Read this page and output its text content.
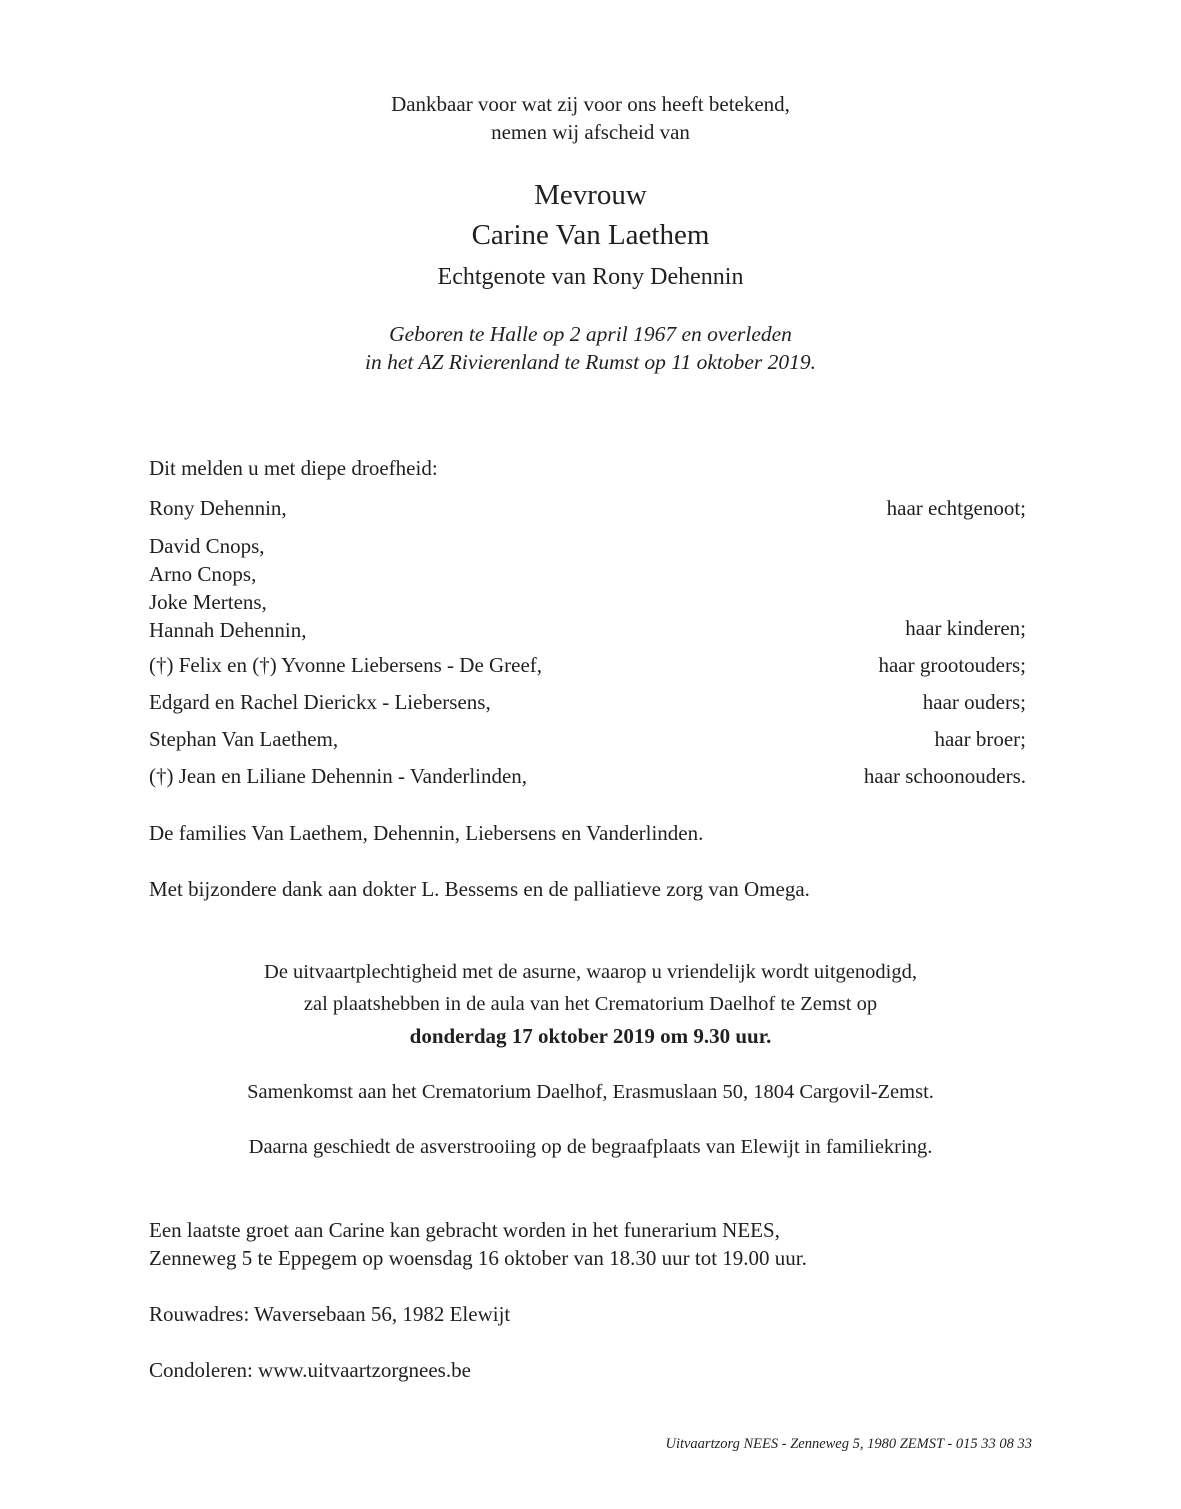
Dankbaar voor wat zij voor ons heeft betekend,
nemen wij afscheid van
Mevrouw
Carine Van Laethem
Echtgenote van Rony Dehennin
Geboren te Halle op 2 april 1967 en overleden
in het AZ Rivierenland te Rumst op 11 oktober 2019.
Dit melden u met diepe droefheid:
Rony Dehennin,	haar echtgenoot;
David Cnops,
Arno Cnops,
Joke Mertens,
Hannah Dehennin,	haar kinderen;
(†) Felix en (†) Yvonne Liebersens - De Greef,	haar grootouders;
Edgard en Rachel Dierickx - Liebersens,	haar ouders;
Stephan Van Laethem,	haar broer;
(†) Jean en Liliane Dehennin - Vanderlinden,	haar schoonouders.
De families Van Laethem, Dehennin, Liebersens en Vanderlinden.
Met bijzondere dank aan dokter L. Bessems en de palliatieve zorg van Omega.
De uitvaartplechtigheid met de asurne, waarop u vriendelijk wordt uitgenodigd,
zal plaatshebben in de aula van het Crematorium Daelhof te Zemst op
donderdag 17 oktober 2019 om 9.30 uur.
Samenkomst aan het Crematorium Daelhof, Erasmuslaan 50, 1804 Cargovil-Zemst.
Daarna geschiedt de asverstrooiing op de begraafplaats van Elewijt in familiekring.
Een laatste groet aan Carine kan gebracht worden in het funerarium NEES,
Zenneweg 5 te Eppegem op woensdag 16 oktober van 18.30 uur tot 19.00 uur.
Rouwadres: Waversebaan 56, 1982 Elewijt
Condoleren: www.uitvaartzorgnees.be
Uitvaartzorg NEES - Zenneweg 5, 1980 ZEMST - 015 33 08 33
